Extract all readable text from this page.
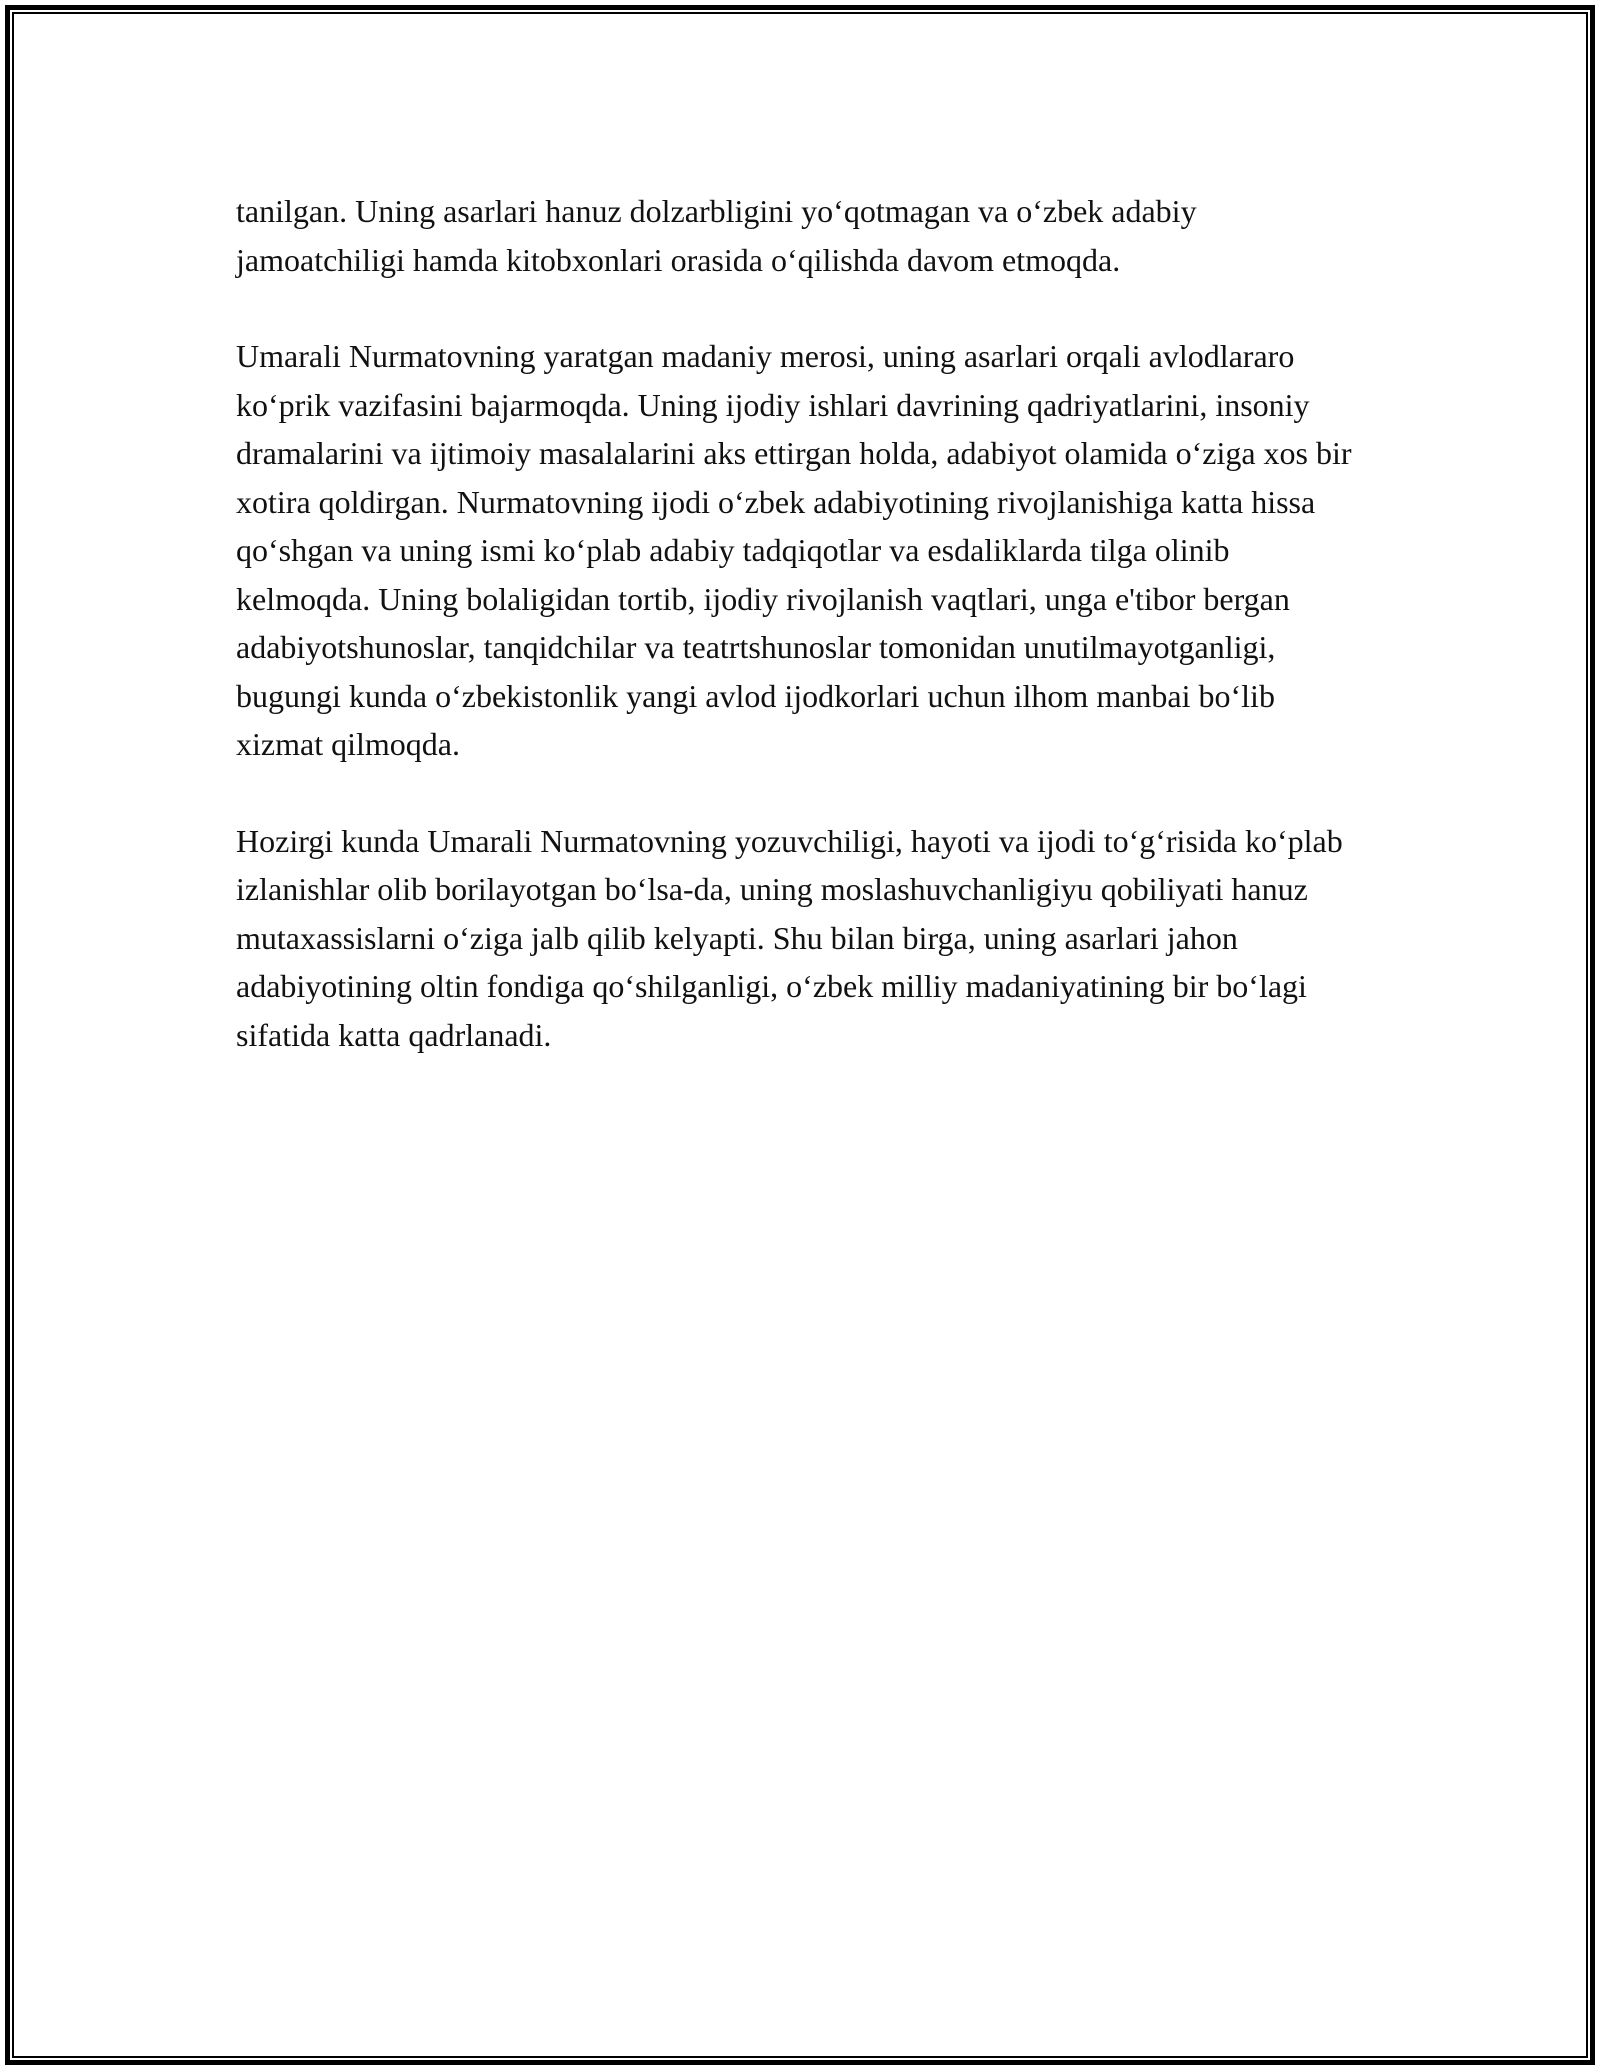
tanilgan. Uning asarlari hanuz dolzarbligini yoʻqotmagan va oʻzbek adabiy jamoatchiligi hamda kitobxonlari orasida oʻqilishda davom etmoqda.

Umarali Nurmatovning yaratgan madaniy merosi, uning asarlari orqali avlodlararo koʻprik vazifasini bajarmoqda. Uning ijodiy ishlari davrining qadriyatlarini, insoniy dramalarini va ijtimoiy masalalarini aks ettirgan holda, adabiyot olamida oʻziga xos bir xotira qoldirgan. Nurmatovning ijodi oʻzbek adabiyotining rivojlanishiga katta hissa qoʻshgan va uning ismi koʻplab adabiy tadqiqotlar va esdaliklarda tilga olinib kelmoqda. Uning bolaligidan tortib, ijodiy rivojlanish vaqtlari, unga e'tibor bergan adabiyotshunoslar, tanqidchilar va teatrtshunoslar tomonidan unutilmayotganligi, bugungi kunda oʻzbekistonlik yangi avlod ijodkorlari uchun ilhom manbai boʻlib xizmat qilmoqda.

Hozirgi kunda Umarali Nurmatovning yozuvchiligi, hayoti va ijodi toʻgʻrisida koʻplab izlanishlar olib borilayotgan boʻlsa-da, uning moslashuvchanligiyu qobiliyati hanuz mutaxassislarni oʻziga jalb qilib kelyapti. Shu bilan birga, uning asarlari jahon adabiyotining oltin fondiga qoʻshilganligi, oʻzbek milliy madaniyatining bir boʻlagi sifatida katta qadrlanadi.
